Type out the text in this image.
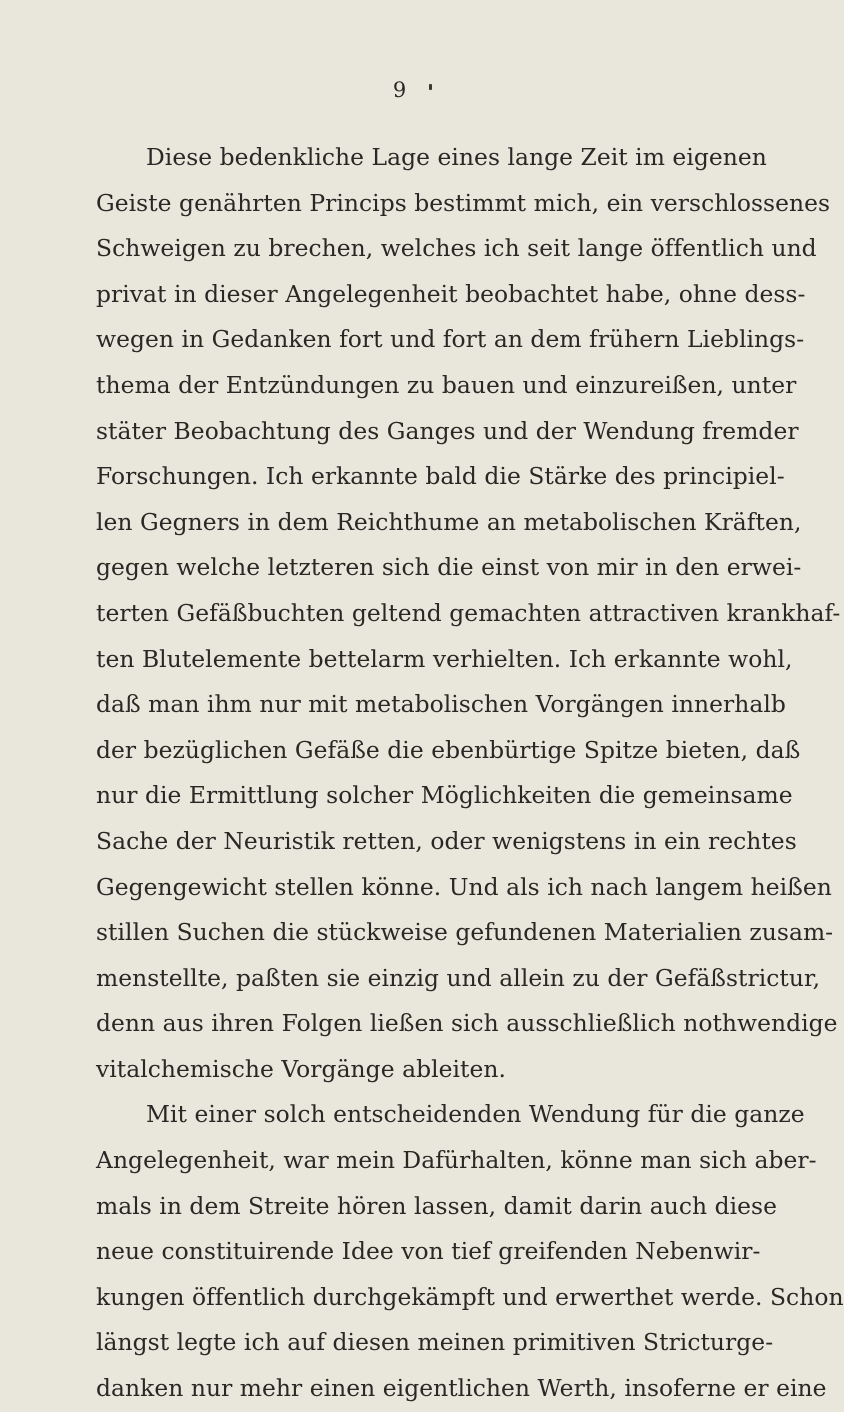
9
Diese bedenkliche Lage eines lange Zeit im eigenen
Geiste genährten Princips bestimmt mich, ein verschlossenes
Schweigen zu brechen, welches ich seit lange öffentlich und
privat in dieser Angelegenheit beobachtet habe, ohne dess-
wegen in Gedanken fort und fort an dem frühern Lieblings-
thema der Entzündungen zu bauen und einzureißen, unter
stäter Beobachtung des Ganges und der Wendung fremder
Forschungen. Ich erkannte bald die Stärke des principiel-
len Gegners in dem Reichthume an metabolischen Kräften,
gegen welche letzteren sich die einst von mir in den erwei-
terten Gefäßbuchten geltend gemachten attractiven krankhaf-
ten Blutelemente bettelarm verhielten. Ich erkannte wohl,
daß man ihm nur mit metabolischen Vorgängen innerhalb
der bezüglichen Gefäße die ebenbürtige Spitze bieten, daß
nur die Ermittlung solcher Möglichkeiten die gemeinsame
Sache der Neuristik retten, oder wenigstens in ein rechtes
Gegengewicht stellen könne. Und als ich nach langem heißen
stillen Suchen die stückweise gefundenen Materialien zusam-
menstellte, paßten sie einzig und allein zu der Gefäßstrictur,
denn aus ihren Folgen ließen sich ausschließlich nothwendige
vitalchemische Vorgänge ableiten.
Mit einer solch entscheidenden Wendung für die ganze
Angelegenheit, war mein Dafürhalten, könne man sich aber-
mals in dem Streite hören lassen, damit darin auch diese
neue constituirende Idee von tief greifenden Nebenwir-
kungen öffentlich durchgekämpft und erwerthet werde. Schon
längst legte ich auf diesen meinen primitiven Stricturge-
danken nur mehr einen eigentlichen Werth, insoferne er eine
